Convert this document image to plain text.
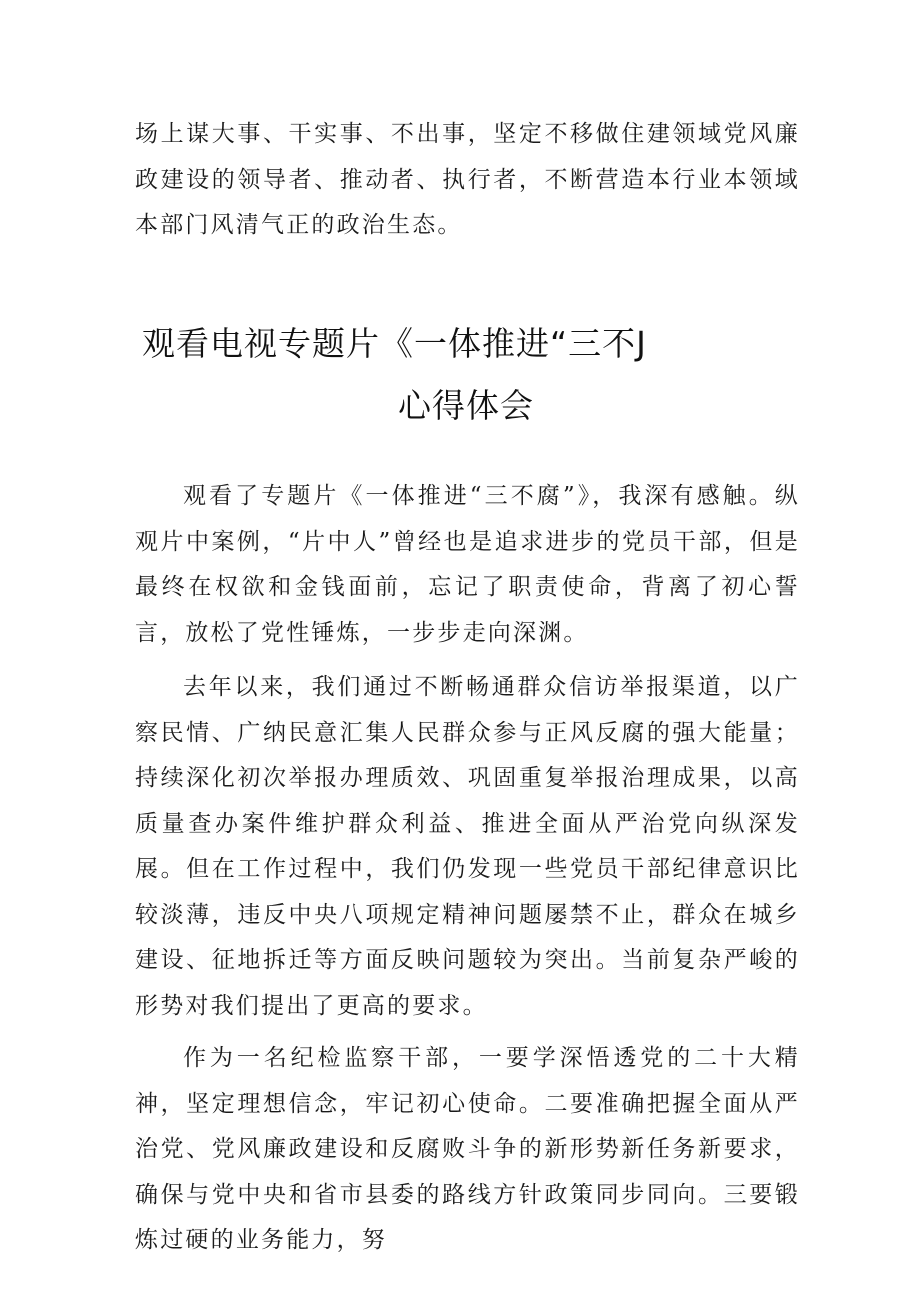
场上谋大事、干实事、不出事，坚定不移做住建领域党风廉政建设的领导者、推动者、执行者，不断营造本行业本领域本部门风清气正的政治生态。

观看电视专题片《一体推进“三不J
心得体会

观看了专题片《一体推进“三不腐”》，我深有感触。纵观片中案例，“片中人”曾经也是追求进步的党员干部，但是最终在权欲和金钱面前，忘记了职责使命，背离了初心誓言，放松了党性锤炼，一步步走向深渊。

去年以来，我们通过不断畅通群众信访举报渠道，以广察民情、广纳民意汇集人民群众参与正风反腐的强大能量；持续深化初次举报办理质效、巩固重复举报治理成果，以高质量查办案件维护群众利益、推进全面从严治党向纵深发展。但在工作过程中，我们仍发现一些党员干部纪律意识比较淡薄，违反中央八项规定精神问题屡禁不止，群众在城乡建设、征地拆迁等方面反映问题较为突出。当前复杂严峻的形势对我们提出了更高的要求。

作为一名纪检监察干部，一要学深悟透党的二十大精神，坚定理想信念，牢记初心使命。二要准确把握全面从严治党、党风廉政建设和反腐败斗争的新形势新任务新要求，确保与党中央和省市县委的路线方针政策同步同向。三要锻炼过硬的业务能力，努
